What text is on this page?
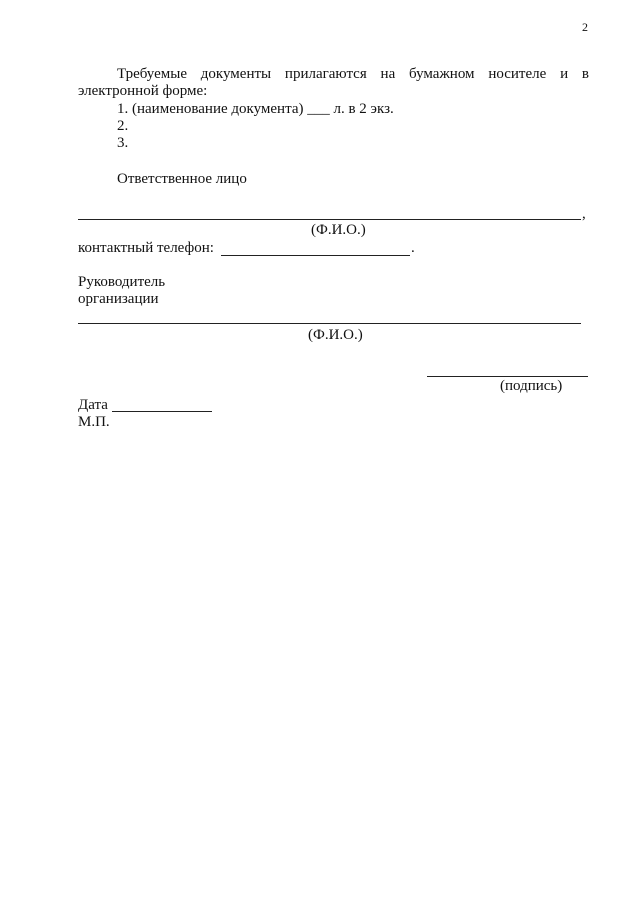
2
Требуемые документы прилагаются на бумажном носителе и в
электронной форме:
1. (наименование документа) ___ л. в 2 экз.
2.
3.
Ответственное лицо
,
(Ф.И.О.)
контактный телефон:	.
Руководитель
организации
(Ф.И.О.)
(подпись)
Дата
М.П.
